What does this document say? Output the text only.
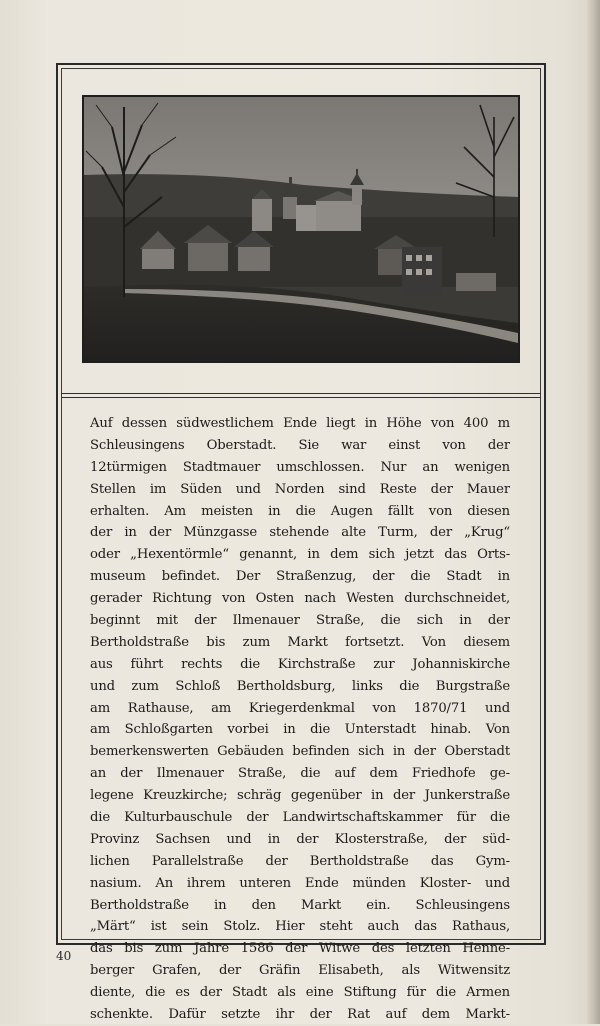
Auf dessen südwestlichem Ende liegt in Höhe von 400 m
Schleusingens Oberstadt. Sie war einst von der
12türmigen Stadtmauer umschlossen. Nur an wenigen
Stellen im Süden und Norden sind Reste der Mauer
erhalten. Am meisten in die Augen fällt von diesen
der in der Münzgasse stehende alte Turm, der „Krug“
oder „Hexentörmle“ genannt, in dem sich jetzt das Orts-
museum befindet. Der Straßenzug, der die Stadt in
gerader Richtung von Osten nach Westen durchschneidet,
beginnt mit der Ilmenauer Straße, die sich in der
Bertholdstraße bis zum Markt fortsetzt. Von diesem
aus führt rechts die Kirchstraße zur Johanniskirche
und zum Schloß Bertholdsburg, links die Burgstraße
am Rathause, am Kriegerdenkmal von 1870/71 und
am Schloßgarten vorbei in die Unterstadt hinab. Von
bemerkenswerten Gebäuden befinden sich in der Oberstadt
an der Ilmenauer Straße, die auf dem Friedhofe ge-
legene Kreuzkirche; schräg gegenüber in der Junkerstraße
die Kulturbauschule der Landwirtschaftskammer für die
Provinz Sachsen und in der Klosterstraße, der süd-
lichen Parallelstraße der Bertholdstraße das Gym-
nasium. An ihrem unteren Ende münden Kloster- und
Bertholdstraße in den Markt ein. Schleusingens
„Märt“ ist sein Stolz. Hier steht auch das Rathaus,
das bis zum Jahre 1586 der Witwe des letzten Henne-
berger Grafen, der Gräfin Elisabeth, als Witwensitz
diente, die es der Stadt als eine Stiftung für die Armen
schenkte. Dafür setzte ihr der Rat auf dem Markt-
40
